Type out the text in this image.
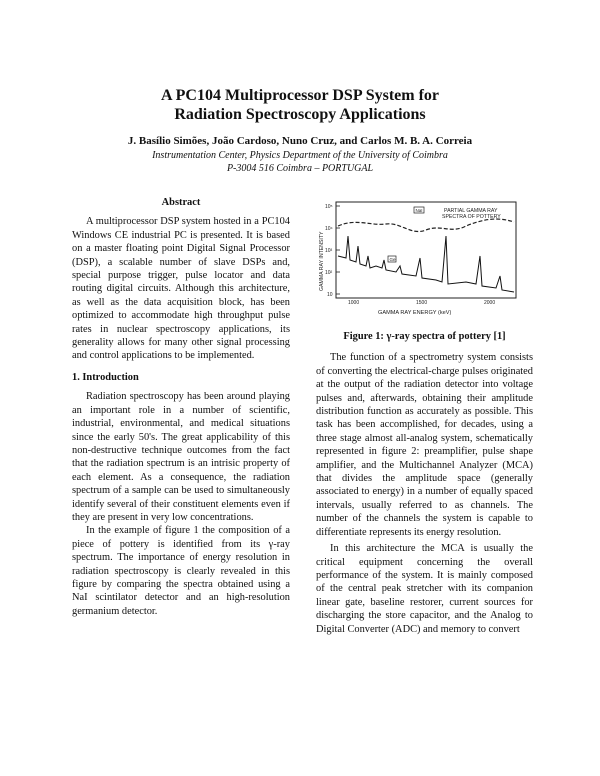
A PC104 Multiprocessor DSP System for
Radiation Spectroscopy Applications
J. Basílio Simões, João Cardoso, Nuno Cruz, and Carlos M. B. A. Correia
Instrumentation Center, Physics Department of the University of Coimbra
P-3004 516 Coimbra – PORTUGAL
Abstract

A multiprocessor DSP system hosted in a PC104 Windows CE industrial PC is presented. It is based on a master floating point Digital Signal Processor (DSP), a scalable number of slave DSPs and, special purpose trigger, pulse locator and data routing digital circuits. Although this architecture, as well as the data acquisition block, has been optimized to accommodate high throughput pulse rates in nuclear spectroscopy applications, its generality allows for many other signal processing and control applications to be implemented.

1. Introduction

Radiation spectroscopy has been around playing an important role in a number of scientific, industrial, environmental, and medical situations since the early 50's. The great applicability of this non-destructive technique outcomes from the fact that the radiation spectrum is an intrisic property of each element. As a consequence, the radiation spectrum of a sample can be used to simultaneously identify several of their constituent elements even if they are present in very low concentrations.

In the example of figure 1 the composition of a piece of pottery is identified from its γ-ray spectrum. The importance of energy resolution in radiation spectroscopy is clearly revealed in this figure by comparing the spectra obtained using a NaI scintilator detector and an high-resolution germanium detector.

10⁵
10⁴
10³
10²
10
1000	1500	2000
PARTIAL GAMMA RAY
SPECTRA OF POTTERY
NaI
Ge
GAMMA RAY INTENSITY
GAMMA RAY ENERGY (keV)
Figure 1: γ-ray spectra of pottery [1]

The function of a spectrometry system consists of converting the electrical-charge pulses originated at the output of the radiation detector into voltage pulses and, afterwards, obtaining their amplitude distribution function as accurately as possible. This task has been accomplished, for decades, using a three stage almost all-analog system, schematically represented in figure 2: preamplifier, pulse shape amplifier, and the Multichannel Analyzer (MCA) that divides the amplitude space (generally associated to energy) in a number of equally spaced intervals, usually referred to as channels. The number of the channels the system is capable to differentiate represents its energy resolution.

In this architecture the MCA is usually the critical equipment concerning the overall performance of the system. It is mainly composed of the central peak stretcher with its companion linear gate, baseline restorer, current sources for discharging the store capacitor, and the Analog to Digital Converter (ADC) and memory to convert
